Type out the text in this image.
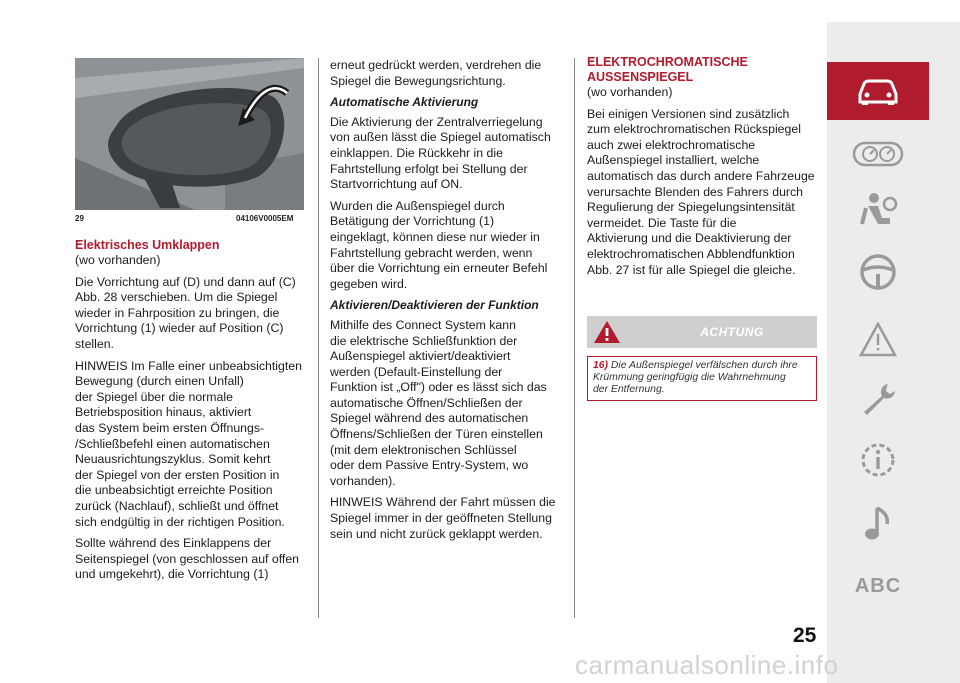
29	04106V0005EM
Elektrisches Umklappen

(wo vorhanden)

Die Vorrichtung auf (D) und dann auf (C)
Abb. 28 verschieben. Um die Spiegel
wieder in Fahrposition zu bringen, die
Vorrichtung (1) wieder auf Position (C)
stellen.

HINWEIS Im Falle einer unbeabsichtigten
Bewegung (durch einen Unfall)
der Spiegel über die normale
Betriebsposition hinaus, aktiviert
das System beim ersten Öffnungs-
/Schließbefehl einen automatischen
Neuausrichtungszyklus. Somit kehrt
der Spiegel von der ersten Position in
die unbeabsichtigt erreichte Position
zurück (Nachlauf), schließt und öffnet
sich endgültig in der richtigen Position.

Sollte während des Einklappens der
Seitenspiegel (von geschlossen auf offen
und umgekehrt), die Vorrichtung (1)

erneut gedrückt werden, verdrehen die
Spiegel die Bewegungsrichtung.

Automatische Aktivierung

Die Aktivierung der Zentralverriegelung
von außen lässt die Spiegel automatisch
einklappen. Die Rückkehr in die
Fahrtstellung erfolgt bei Stellung der
Startvorrichtung auf ON.

Wurden die Außenspiegel durch
Betätigung der Vorrichtung (1)
eingeklagt, können diese nur wieder in
Fahrtstellung gebracht werden, wenn
über die Vorrichtung ein erneuter Befehl
gegeben wird.

Aktivieren/Deaktivieren der Funktion

Mithilfe des Connect System kann
die elektrische Schließfunktion der
Außenspiegel aktiviert/deaktiviert
werden (Default-Einstellung der
Funktion ist „Off") oder es lässt sich das
automatische Öffnen/Schließen der
Spiegel während des automatischen
Öffnens/Schließen der Türen einstellen
(mit dem elektronischen Schlüssel
oder dem Passive Entry-System, wo
vorhanden).

HINWEIS Während der Fahrt müssen die
Spiegel immer in der geöffneten Stellung
sein und nicht zurück geklappt werden.

ELEKTROCHROMATISCHE
AUSSENSPIEGEL

(wo vorhanden)

Bei einigen Versionen sind zusätzlich
zum elektrochromatischen Rückspiegel
auch zwei elektrochromatische
Außenspiegel installiert, welche
automatisch das durch andere Fahrzeuge
verursachte Blenden des Fahrers durch
Regulierung der Spiegelungsintensität
vermeidet. Die Taste für die
Aktivierung und die Deaktivierung der
elektrochromatischen Abblendfunktion
Abb. 27 ist für alle Spiegel die gleiche.

ACHTUNG
16) Die Außenspiegel verfälschen durch ihre
Krümmung geringfügig die Wahrnehmung
der Entfernung.
ABC
25
carmanualsonline.info
